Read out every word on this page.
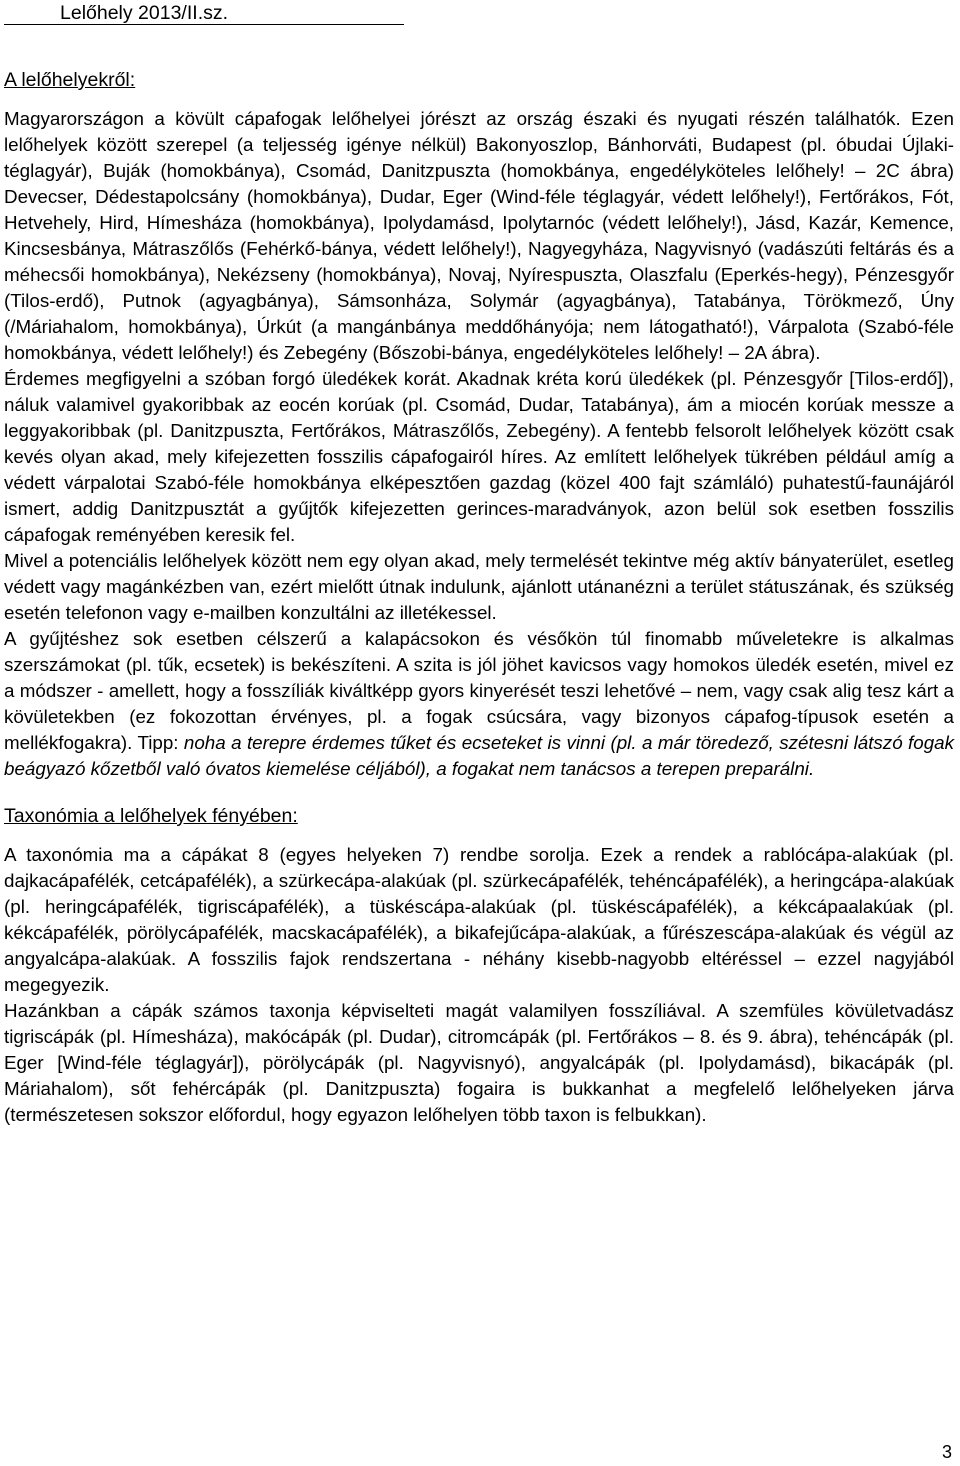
Lelőhely 2013/II.sz.
A lelőhelyekről:

Magyarországon a kövült cápafogak lelőhelyei jórészt az ország északi és nyugati részén találhatók. Ezen lelőhelyek között szerepel (a teljesség igénye nélkül) Bakonyoszlop, Bánhorváti, Budapest (pl. óbudai Újlaki-téglagyár), Buják (homokbánya), Csomád, Danitzpuszta (homokbánya, engedélyköteles lelőhely! – 2C ábra) Devecser, Dédestapolcsány (homokbánya), Dudar, Eger (Wind-féle téglagyár, védett lelőhely!), Fertőrákos, Fót, Hetvehely, Hird, Hímesháza (homokbánya), Ipolydamásd, Ipolytarnóc (védett lelőhely!), Jásd, Kazár, Kemence, Kincsesbánya, Mátraszőlős (Fehérkő-bánya, védett lelőhely!), Nagyegyháza, Nagyvisnyó (vadászúti feltárás és a méhecsői homokbánya), Nekézseny (homokbánya), Novaj, Nyírespuszta, Olaszfalu (Eperkés-hegy), Pénzesgyőr (Tilos-erdő), Putnok (agyagbánya), Sámsonháza, Solymár (agyagbánya), Tatabánya, Törökmező, Úny (/Máriahalom, homokbánya), Úrkút (a mangánbánya meddőhányója; nem látogatható!), Várpalota (Szabó-féle homokbánya, védett lelőhely!) és Zebegény (Bőszobi-bánya, engedélyköteles lelőhely! – 2A ábra).

Érdemes megfigyelni a szóban forgó üledékek korát. Akadnak kréta korú üledékek (pl. Pénzesgyőr [Tilos-erdő]), náluk valamivel gyakoribbak az eocén korúak (pl. Csomád, Dudar, Tatabánya), ám a miocén korúak messze a leggyakoribbak (pl. Danitzpuszta, Fertőrákos, Mátraszőlős, Zebegény). A fentebb felsorolt lelőhelyek között csak kevés olyan akad, mely kifejezetten fosszilis cápafogairól híres. Az említett lelőhelyek tükrében például amíg a védett várpalotai Szabó-féle homokbánya elképesztően gazdag (közel 400 fajt számláló) puhatestű-faunájáról ismert, addig Danitzpusztát a gyűjtők kifejezetten gerinces-maradványok, azon belül sok esetben fosszilis cápafogak reményében keresik fel.

Mivel a potenciális lelőhelyek között nem egy olyan akad, mely termelését tekintve még aktív bányaterület, esetleg védett vagy magánkézben van, ezért mielőtt útnak indulunk, ajánlott utánanézni a terület státuszának, és szükség esetén telefonon vagy e-mailben konzultálni az illetékessel.

A gyűjtéshez sok esetben célszerű a kalapácsokon és vésőkön túl finomabb műveletekre is alkalmas szerszámokat (pl. tűk, ecsetek) is bekészíteni. A szita is jól jöhet kavicsos vagy homokos üledék esetén, mivel ez a módszer - amellett, hogy a fosszíliák kiváltképp gyors kinyerését teszi lehetővé – nem, vagy csak alig tesz kárt a kövületekben (ez fokozottan érvényes, pl. a fogak csúcsára, vagy bizonyos cápafog-típusok esetén a mellékfogakra). Tipp: noha a terepre érdemes tűket és ecseteket is vinni (pl. a már töredező, szétesni látszó fogak beágyazó kőzetből való óvatos kiemelése céljából), a fogakat nem tanácsos a terepen preparálni.

Taxonómia a lelőhelyek fényében:

A taxonómia ma a cápákat 8 (egyes helyeken 7) rendbe sorolja. Ezek a rendek a rablócápa-alakúak (pl. dajkacápafélék, cetcápafélék), a szürkecápa-alakúak (pl. szürkecápafélék, tehéncápafélék), a heringcápa-alakúak (pl. heringcápafélék, tigriscápafélék), a tüskéscápa-alakúak (pl. tüskéscápafélék), a kékcápaalakúak (pl. kékcápafélék, pörölycápafélék, macskacápafélék), a bikafejűcápa-alakúak, a fűrészescápa-alakúak és végül az angyalcápa-alakúak. A fosszilis fajok rendszertana - néhány kisebb-nagyobb eltéréssel – ezzel nagyjából megegyezik.

Hazánkban a cápák számos taxonja képviselteti magát valamilyen fosszíliával. A szemfüles kövületvadász tigriscápák (pl. Hímesháza), makócápák (pl. Dudar), citromcápák (pl. Fertőrákos – 8. és 9. ábra), tehéncápák (pl. Eger [Wind-féle téglagyár]), pörölycápák (pl. Nagyvisnyó), angyalcápák (pl. Ipolydamásd), bikacápák (pl. Máriahalom), sőt fehércápák (pl. Danitzpuszta) fogaira is bukkanhat a megfelelő lelőhelyeken járva (természetesen sokszor előfordul, hogy egyazon lelőhelyen több taxon is felbukkan).

3
